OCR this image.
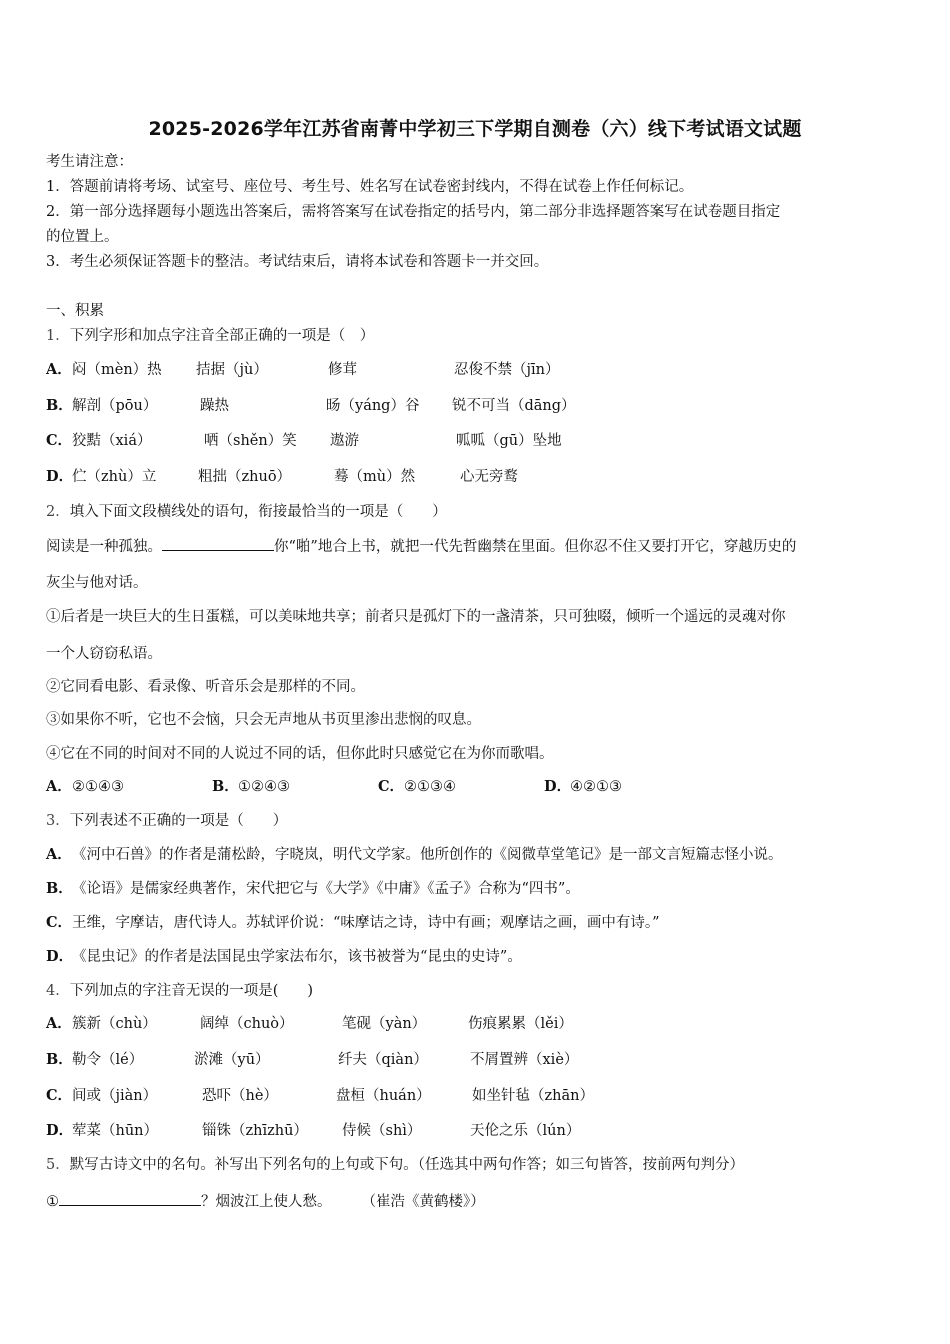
2025-2026学年江苏省南菁中学初三下学期自测卷（六）线下考试语文试题
考生请注意：
1．答题前请将考场、试室号、座位号、考生号、姓名写在试卷密封线内，不得在试卷上作任何标记。
2．第一部分选择题每小题选出答案后，需将答案写在试卷指定的括号内，第二部分非选择题答案写在试卷题目指定
的位置上。
3．考生必须保证答题卡的整洁。考试结束后，请将本试卷和答题卡一并交回。
一、积累
1．下列字形和加点字注音全部正确的一项是（　）
A．闷（mèn）热 拮据（jù）	修茸	忍俊不禁（jīn）
B．解剖（pōu）	躁热	旸（yáng）谷 锐不可当（dāng）
C．狡黠（xiá）	哂（shěn）笑 遨游	呱呱（gū）坠地
D．伫（zhù）立	粗拙（zhuō）	蓦（mù）然	心无旁鹜
2．填入下面文段横线处的语句，衔接最恰当的一项是（　　）
阅读是一种孤独。	你“啪”地合上书，就把一代先哲幽禁在里面。但你忍不住又要打开它，穿越历史的
灰尘与他对话。
①后者是一块巨大的生日蛋糕，可以美味地共享；前者只是孤灯下的一盏清茶，只可独啜，倾听一个遥远的灵魂对你
一个人窃窃私语。
②它同看电影、看录像、听音乐会是那样的不同。
③如果你不听，它也不会恼，只会无声地从书页里渗出悲悯的叹息。
④它在不同的时间对不同的人说过不同的话，但你此时只感觉它在为你而歌唱。
A．②①④③	B．①②④③	C．②①③④	D．④②①③
3．下列表述不正确的一项是（　　）
A．《河中石兽》的作者是蒲松龄，字晓岚，明代文学家。他所创作的《阅微草堂笔记》是一部文言短篇志怪小说。
B．《论语》是儒家经典著作，宋代把它与《大学》《中庸》《孟子》合称为“四书”。
C．王维，字摩诘，唐代诗人。苏轼评价说：“味摩诘之诗，诗中有画；观摩诘之画，画中有诗。”
D．《昆虫记》的作者是法国昆虫学家法布尔，该书被誉为“昆虫的史诗”。
4．下列加点的字注音无误的一项是(　　)
A．簇新（chù）	阔绰（chuò）	笔砚（yàn）	伤痕累累（lěi）
B．勒令（lé）	淤滩（yū）	纤夫（qiàn）	不屑置辨（xiè）
C．间或（jiàn）	恐吓（hè）	盘桓（huán）	如坐针毡（zhān）
D．荤菜（hūn）	锱铢（zhīzhū） 侍候（shì）	天伦之乐（lún）
5．默写古诗文中的名句。补写出下列名句的上句或下句。（任选其中两句作答；如三句皆答，按前两句判分）
①	？烟波江上使人愁。 （崔浩《黄鹤楼》）
